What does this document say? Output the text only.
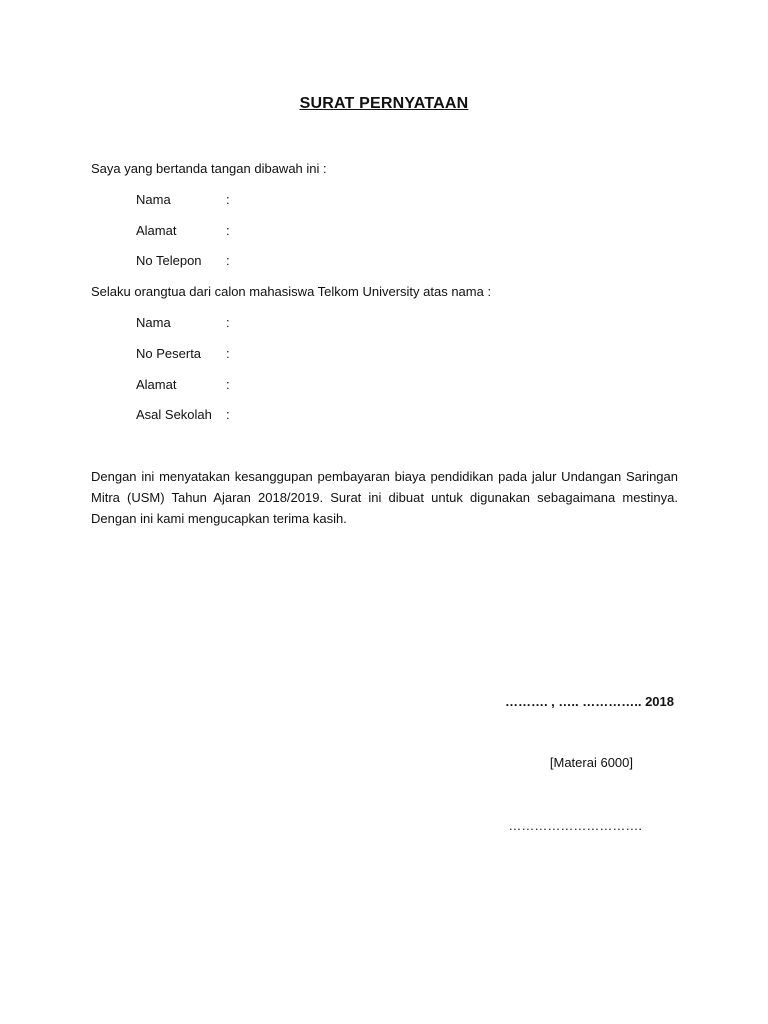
SURAT PERNYATAAN
Saya yang bertanda tangan dibawah ini :
Nama	:
Alamat	:
No Telepon :
Selaku orangtua dari calon mahasiswa Telkom University atas nama :
Nama	:
No Peserta :
Alamat	:
Asal Sekolah :
Dengan ini menyatakan kesanggupan pembayaran biaya pendidikan pada jalur Undangan Saringan Mitra (USM) Tahun Ajaran 2018/2019. Surat ini dibuat untuk digunakan sebagaimana mestinya. Dengan ini kami mengucapkan terima kasih.
………. , ….. ………….. 2018
[Materai 6000]
………………………….
